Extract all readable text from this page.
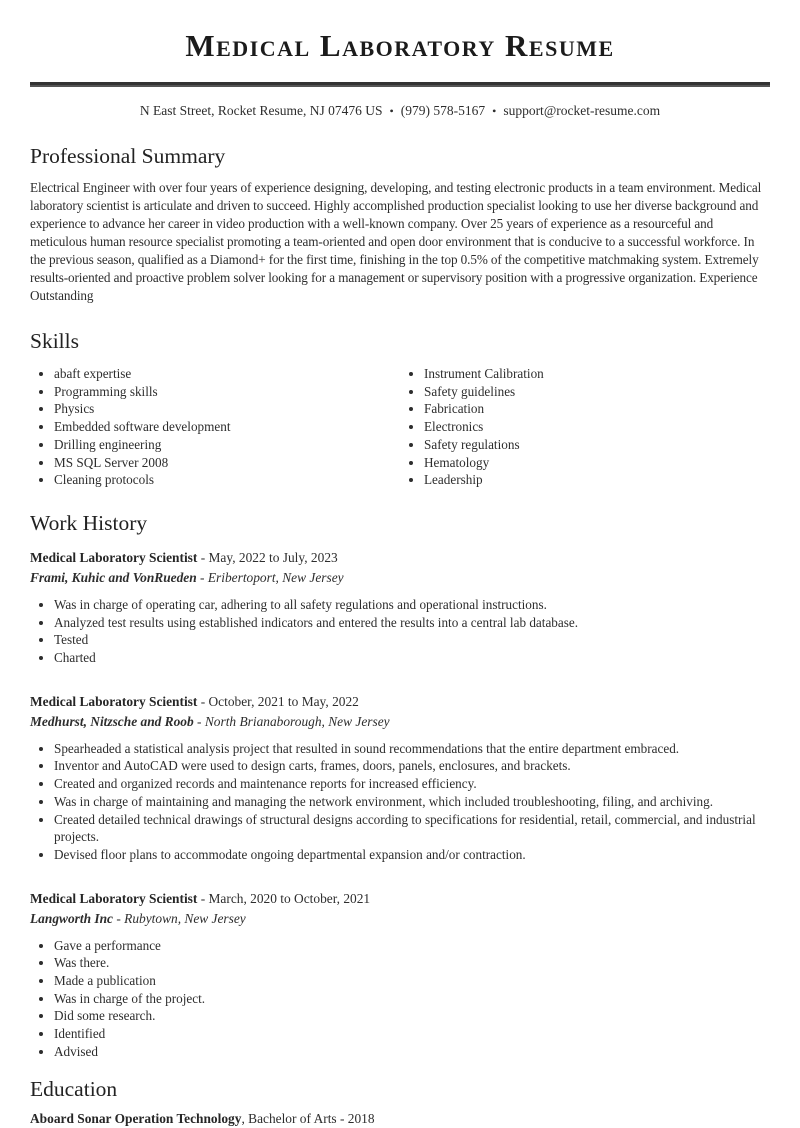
Medical Laboratory Resume
N East Street, Rocket Resume, NJ 07476 US • (979) 578-5167 • support@rocket-resume.com
Professional Summary

Electrical Engineer with over four years of experience designing, developing, and testing electronic products in a team environment. Medical laboratory scientist is articulate and driven to succeed. Highly accomplished production specialist looking to use her diverse background and experience to advance her career in video production with a well-known company. Over 25 years of experience as a resourceful and meticulous human resource specialist promoting a team-oriented and open door environment that is conducive to a successful workforce. In the previous season, qualified as a Diamond+ for the first time, finishing in the top 0.5% of the competitive matchmaking system. Extremely results-oriented and proactive problem solver looking for a management or supervisory position with a progressive organization. Experience Outstanding

Skills
• abaft expertise
• Programming skills
• Physics
• Embedded software development
• Drilling engineering
• MS SQL Server 2008
• Cleaning protocols
• Instrument Calibration
• Safety guidelines
• Fabrication
• Electronics
• Safety regulations
• Hematology
• Leadership
Work History
Medical Laboratory Scientist - May, 2022 to July, 2023
Frami, Kuhic and VonRueden - Eribertoport, New Jersey
• Was in charge of operating car, adhering to all safety regulations and operational instructions.
• Analyzed test results using established indicators and entered the results into a central lab database.
• Tested
• Charted
Medical Laboratory Scientist - October, 2021 to May, 2022
Medhurst, Nitzsche and Roob - North Brianaborough, New Jersey
• Spearheaded a statistical analysis project that resulted in sound recommendations that the entire department embraced.
• Inventor and AutoCAD were used to design carts, frames, doors, panels, enclosures, and brackets.
• Created and organized records and maintenance reports for increased efficiency.
• Was in charge of maintaining and managing the network environment, which included troubleshooting, filing, and archiving.
• Created detailed technical drawings of structural designs according to specifications for residential, retail, commercial, and industrial projects.
• Devised floor plans to accommodate ongoing departmental expansion and/or contraction.
Medical Laboratory Scientist - March, 2020 to October, 2021
Langworth Inc - Rubytown, New Jersey
• Gave a performance
• Was there.
• Made a publication
• Was in charge of the project.
• Did some research.
• Identified
• Advised
Education
Aboard Sonar Operation Technology, Bachelor of Arts - 2018
